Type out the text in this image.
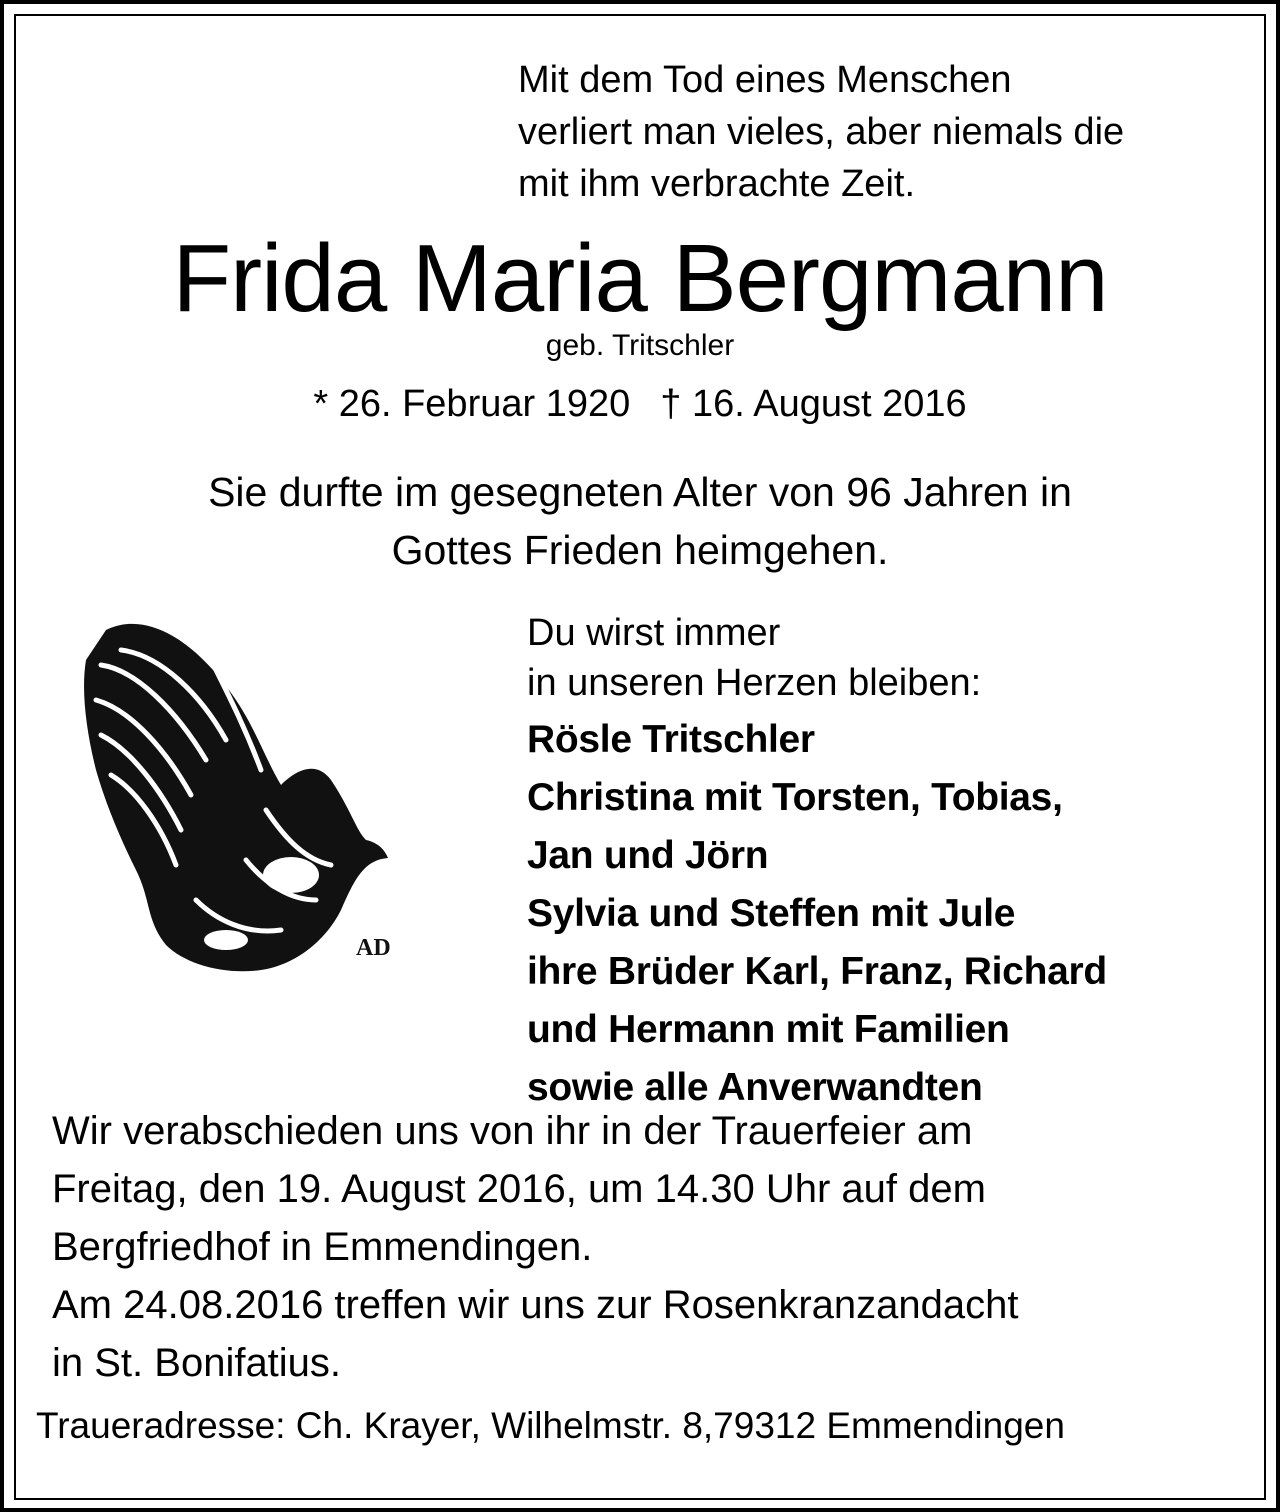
Mit dem Tod eines Menschen
verliert man vieles, aber niemals die
mit ihm verbrachte Zeit.
Frida Maria Bergmann
geb. Tritschler
* 26. Februar 1920 † 16. August 2016
Sie durfte im gesegneten Alter von 96 Jahren in
Gottes Frieden heimgehen.
AD
Du wirst immer
in unseren Herzen bleiben:
Rösle Tritschler
Christina mit Torsten, Tobias,
Jan und Jörn
Sylvia und Steffen mit Jule
ihre Brüder Karl, Franz, Richard
und Hermann mit Familien
sowie alle Anverwandten
Wir verabschieden uns von ihr in der Trauerfeier am
Freitag, den 19. August 2016, um 14.30 Uhr auf dem
Bergfriedhof in Emmendingen.
Am 24.08.2016 treffen wir uns zur Rosenkranzandacht
in St. Bonifatius.
Traueradresse: Ch. Krayer, Wilhelmstr. 8,79312 Emmendingen
